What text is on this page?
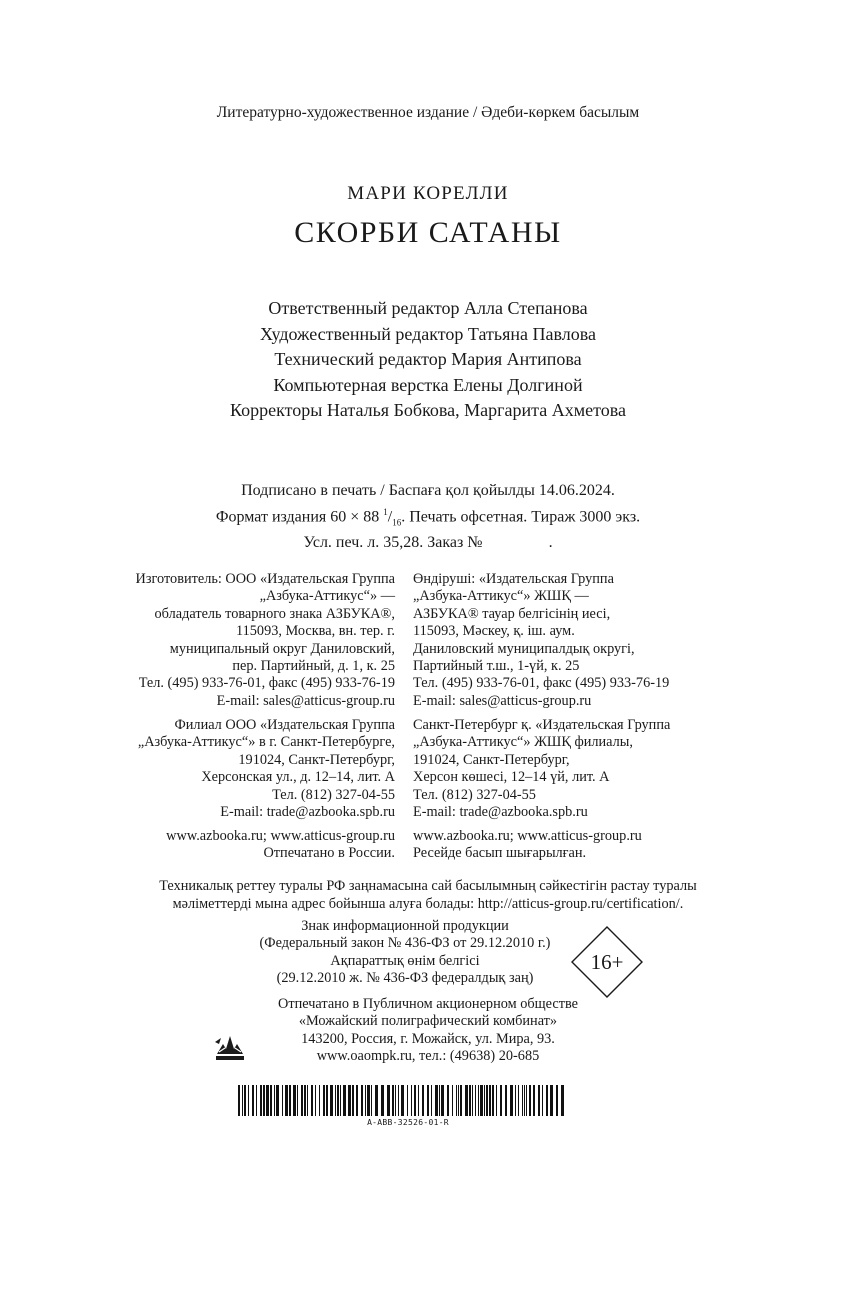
Литературно-художественное издание / Әдеби-көркем басылым
МАРИ КОРЕЛЛИ
СКОРБИ САТАНЫ
Ответственный редактор Алла Степанова
Художественный редактор Татьяна Павлова
Технический редактор Мария Антипова
Компьютерная верстка Елены Долгиной
Корректоры Наталья Бобкова, Маргарита Ахметова
Подписано в печать / Баспаға қол қойылды 14.06.2024.
Формат издания 60 × 88 $^1/_{16}$. Печать офсетная. Тираж 3000 экз.
Усл. печ. л. 35,28. Заказ №	.
Изготовитель: ООО «Издательская Группа
„Азбука-Аттикус“» —
обладатель товарного знака АЗБУКА®,
115093, Москва, вн. тер. г.
муниципальный округ Даниловский,
пер. Партийный, д. 1, к. 25
Тел. (495) 933-76-01, факс (495) 933-76-19
E-mail: sales@atticus-group.ru
Өндіруші: «Издательская Группа
„Азбука-Аттикус“» ЖШҚ —
АЗБУКА® тауар белгісінің иесі,
115093, Мәскеу, қ. іш. аум.
Даниловский муниципалдық округі,
Партийный т.ш., 1-үй, к. 25
Тел. (495) 933-76-01, факс (495) 933-76-19
E-mail: sales@atticus-group.ru
Филиал ООО «Издательская Группа
„Азбука-Аттикус“» в г. Санкт-Петербурге,
191024, Санкт-Петербург,
Херсонская ул., д. 12–14, лит. А
Тел. (812) 327-04-55
E-mail: trade@azbooka.spb.ru
Санкт-Петербург қ. «Издательская Группа
„Азбука-Аттикус“» ЖШҚ филиалы,
191024, Санкт-Петербург,
Херсон көшесі, 12–14 үй, лит. А
Тел. (812) 327-04-55
E-mail: trade@azbooka.spb.ru
www.azbooka.ru; www.atticus-group.ru
Отпечатано в России.
www.azbooka.ru; www.atticus-group.ru
Ресейде басып шығарылған.
Техникалық реттеу туралы РФ заңнамасына сай басылымның сәйкестігін растау туралы
мәліметтерді мына адрес бойынша алуға болады: http://atticus-group.ru/certification/.
Знак информационной продукции
(Федеральный закон № 436-ФЗ от 29.12.2010 г.)
Ақпараттық өнім белгісі
(29.12.2010 ж. № 436-ФЗ федералдық заң)
16+
Отпечатано в Публичном акционерном обществе
«Можайский полиграфический комбинат»
143200, Россия, г. Можайск, ул. Мира, 93.
www.oaompk.ru, тел.: (49638) 20-685
A-ABB-32526-01-R
